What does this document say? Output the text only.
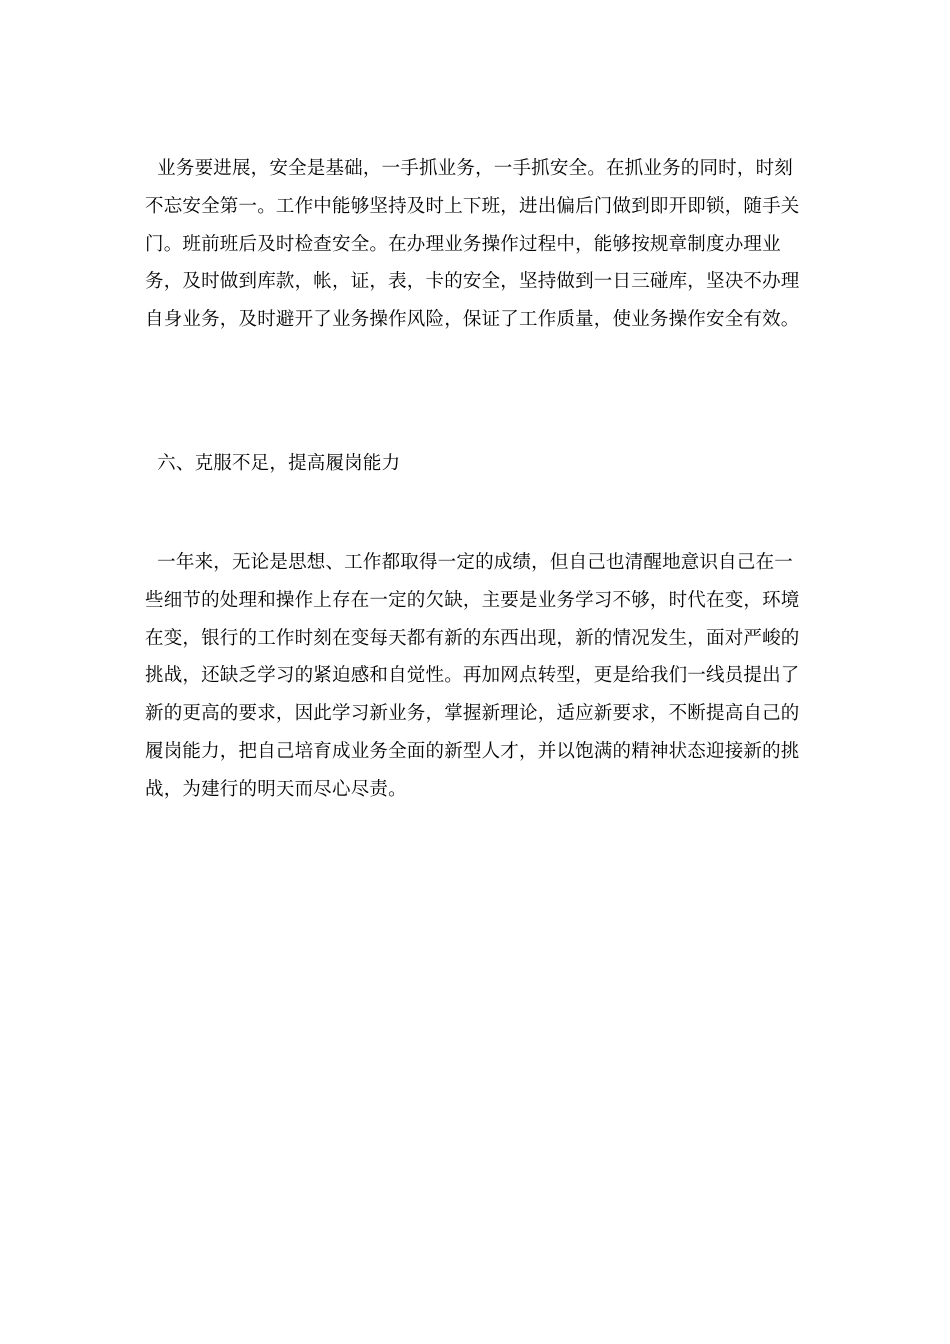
业务要进展，安全是基础，一手抓业务，一手抓安全。在抓业务的同时，时刻不忘安全第一。工作中能够坚持及时上下班，进出偏后门做到即开即锁，随手关门。班前班后及时检查安全。在办理业务操作过程中，能够按规章制度办理业务，及时做到库款，帐，证，表，卡的安全，坚持做到一日三碰库，坚决不办理自身业务，及时避开了业务操作风险，保证了工作质量，使业务操作安全有效。

六、克服不足，提高履岗能力

一年来，无论是思想、工作都取得一定的成绩，但自己也清醒地意识自己在一些细节的处理和操作上存在一定的欠缺，主要是业务学习不够，时代在变，环境在变，银行的工作时刻在变每天都有新的东西出现，新的情况发生，面对严峻的挑战，还缺乏学习的紧迫感和自觉性。再加网点转型，更是给我们一线员提出了新的更高的要求，因此学习新业务，掌握新理论，适应新要求，不断提高自己的履岗能力，把自己培育成业务全面的新型人才，并以饱满的精神状态迎接新的挑战，为建行的明天而尽心尽责。
